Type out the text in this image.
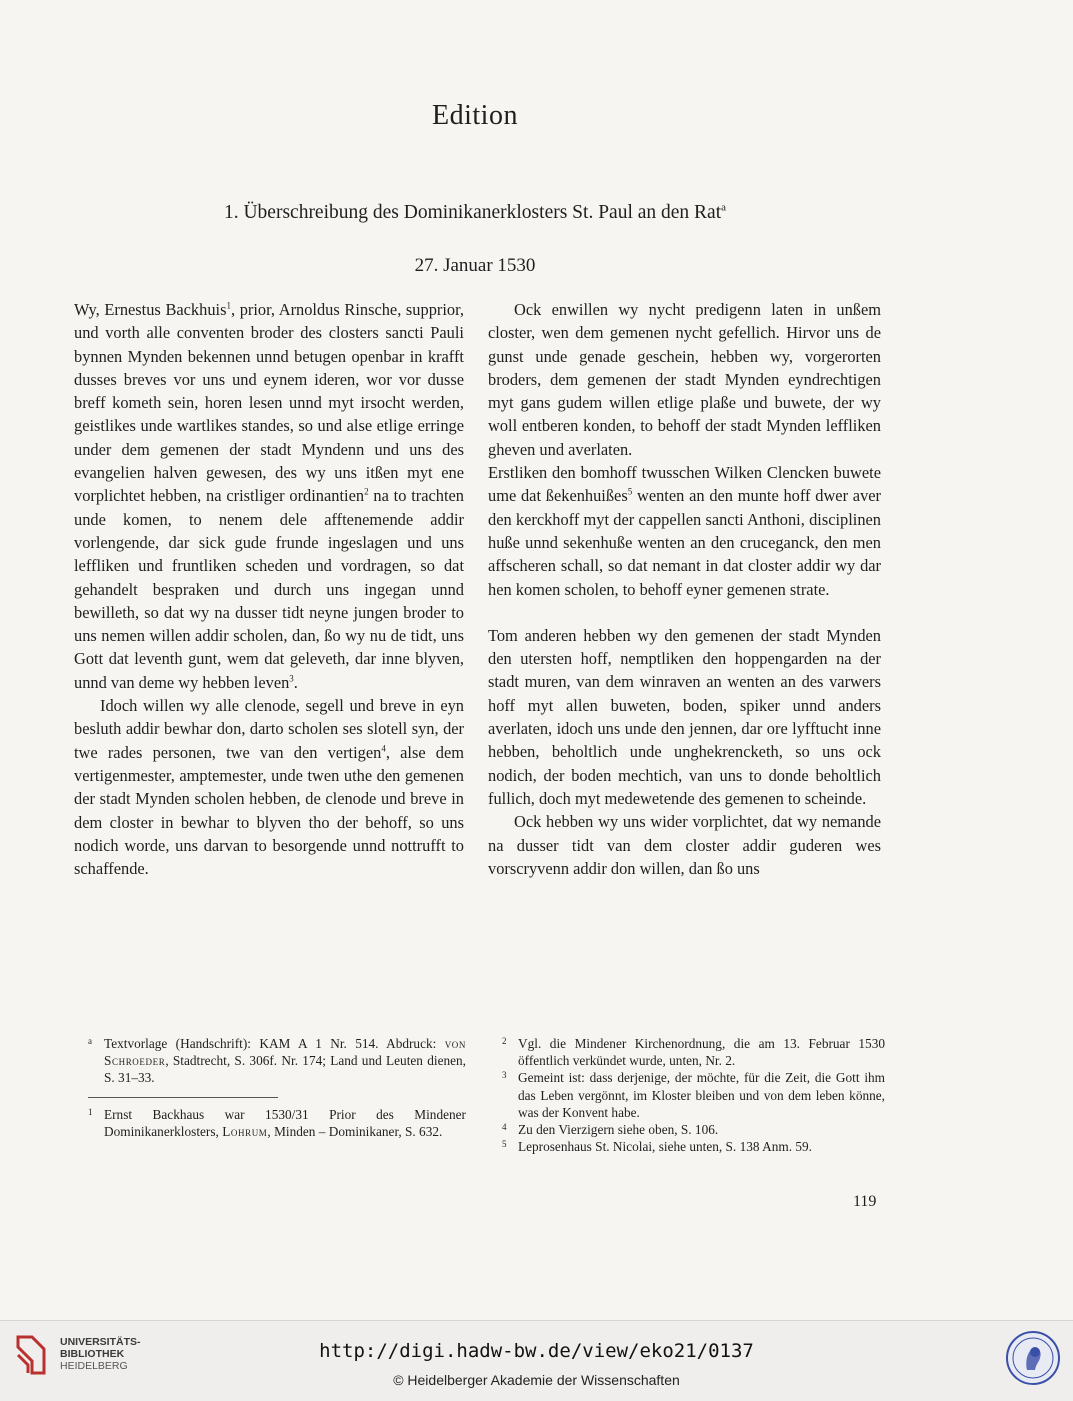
Edition
1. Überschreibung des Dominikanerklosters St. Paul an den Rat$^a$
27. Januar 1530

Wy, Ernestus Backhuis$^1$, prior, Arnoldus Rinsche, supprior, und vorth alle conventen broder des closters sancti Pauli bynnen Mynden bekennen unnd betugen openbar in krafft dusses breves vor uns und eynem ideren, wor vor dusse breff kometh sein, horen lesen unnd myt irsocht werden, geistlikes unde wartlikes standes, so und alse etlige erringe under dem gemenen der stadt Myndenn und uns des evangelien halven gewesen, des wy uns itßen myt ene vorplichtet hebben, na cristliger ordinantien$^2$ na to trachten unde komen, to nenem dele afftenemende addir vorlengende, dar sick gude frunde ingeslagen und uns leffliken und fruntliken scheden und vordragen, so dat gehandelt bespraken und durch uns ingegan unnd bewilleth, so dat wy na dusser tidt neyne jungen broder to uns nemen willen addir scholen, dan, ßo wy nu de tidt, uns Gott dat leventh gunt, wem dat geleveth, dar inne blyven, unnd van deme wy hebben leven$^3$.

Idoch willen wy alle clenode, segell und breve in eyn besluth addir bewhar don, darto scholen ses slotell syn, der twe rades personen, twe van den vertigen$^4$, alse dem vertigenmester, amptemester, unde twen uthe den gemenen der stadt Mynden scholen hebben, de clenode und breve in dem closter in bewhar to blyven tho der behoff, so uns nodich worde, uns darvan to besorgende unnd nottrufft to schaffende.

Ock enwillen wy nycht predigenn laten in unßem closter, wen dem gemenen nycht gefellich. Hirvor uns de gunst unde genade geschein, hebben wy, vorgerorten broders, dem gemenen der stadt Mynden eyndrechtigen myt gans gudem willen etlige plaßе und buwete, der wy woll entberen konden, to behoff der stadt Mynden leffliken gheven und averlaten.

Erstliken den bomhoff twusschen Wilken Clencken buwete ume dat ßekenhuißes$^5$ wenten an den munte hoff dwer aver den kerckhoff myt der cappellen sancti Anthoni, disciplinen huße unnd sekenhuße wenten an den cruceganck, den men affscheren schall, so dat nemant in dat closter addir wy dar hen komen scholen, to behoff eyner gemenen strate.

Tom anderen hebben wy den gemenen der stadt Mynden den utersten hoff, nemptliken den hoppengarden na der stadt muren, van dem winraven an wenten an des varwers hoff myt allen buweten, boden, spiker unnd anders averlaten, idoch uns unde den jennen, dar ore lyfftucht inne hebben, beholtlich unde unghekrencketh, so uns ock nodich, der boden mechtich, van uns to donde beholtlich fullich, doch myt medewetende des gemenen to scheinde.

Ock hebben wy uns wider vorplichtet, dat wy nemande na dusser tidt van dem closter addir guderen wes vorscryvenn addir don willen, dan ßo uns

a Textvorlage (Handschrift): KAM A 1 Nr. 514. Abdruck: von Schroeder, Stadtrecht, S. 306f. Nr. 174; Land und Leuten dienen, S. 31–33.
1 Ernst Backhaus war 1530/31 Prior des Mindener Dominikanerklosters, Lohrum, Minden – Dominikaner, S. 632.
2 Vgl. die Mindener Kirchenordnung, die am 13. Februar 1530 öffentlich verkündet wurde, unten, Nr. 2.
3 Gemeint ist: dass derjenige, der möchte, für die Zeit, die Gott ihm das Leben vergönnt, im Kloster bleiben und von dem leben könne, was der Konvent habe.
4 Zu den Vierzigern siehe oben, S. 106.
5 Leprosenhaus St. Nicolai, siehe unten, S. 138 Anm. 59.
119
UNIVERSITÄTS-
BIBLIOTHEK
HEIDELBERG
http://digi.hadw-bw.de/view/eko21/0137
© Heidelberger Akademie der Wissenschaften
